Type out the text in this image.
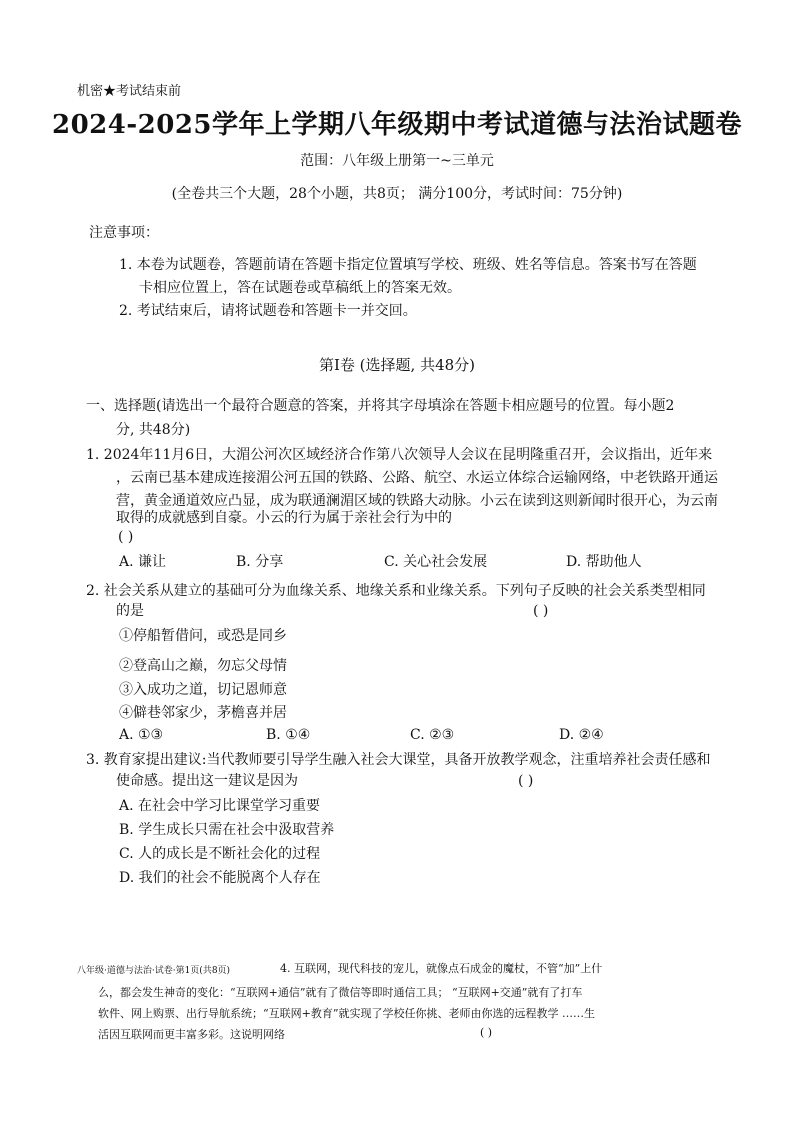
机密★考试结束前
2024-2025学年上学期八年级期中考试道德与法治试题卷
范围：八年级上册第一~三单元
(全卷共三个大题，28个小题，共8页； 满分100分，考试时间：75分钟)
注意事项：
1. 本卷为试题卷，答题前请在答题卡指定位置填写学校、班级、姓名等信息。答案书写在答题
卡相应位置上，答在试题卷或草稿纸上的答案无效。
2. 考试结束后，请将试题卷和答题卡一并交回。
第Ⅰ卷 (选择题, 共48分)
一、选择题(请选出一个最符合题意的答案，并将其字母填涂在答题卡相应题号的位置。每小题2
分, 共48分)
1. 2024年11月6日，大湄公河次区域经济合作第八次领导人会议在昆明隆重召开，会议指出，近年来
，云南已基本建成连接湄公河五国的铁路、公路、航空、水运立体综合运输网络，中老铁路开通运
营，黄金通道效应凸显，成为联通澜湄区域的铁路大动脉。小云在读到这则新闻时很开心，为云南
取得的成就感到自豪。小云的行为属于亲社会行为中的
( )
A. 谦让	B. 分享	C. 关心社会发展	D. 帮助他人
2. 社会关系从建立的基础可分为血缘关系、地缘关系和业缘关系。下列句子反映的社会关系类型相同
的是	( )
①停船暂借问，或恐是同乡
②登高山之巅，勿忘父母情
③入成功之道，切记恩师意
④僻巷邻家少，茅檐喜并居
A. ①③	B. ①④	C. ②③	D. ②④
3. 教育家提出建议:当代教师要引导学生融入社会大课堂，具备开放教学观念，注重培养社会责任感和
使命感。提出这一建议是因为	( )
A. 在社会中学习比课堂学习重要
B. 学生成长只需在社会中汲取营养
C. 人的成长是不断社会化的过程
D. 我们的社会不能脱离个人存在
八年级·道德与法治·试卷·第1页(共8页)	4. 互联网，现代科技的宠儿，就像点石成金的魔杖，不管“加”上什
么，都会发生神奇的变化：“互联网+通信”就有了微信等即时通信工具； “互联网+交通”就有了打车
软件、网上购票、出行导航系统；“互联网+教育”就实现了学校任你挑、老师由你选的远程教学 ……生
活因互联网而更丰富多彩。这说明网络	( )
